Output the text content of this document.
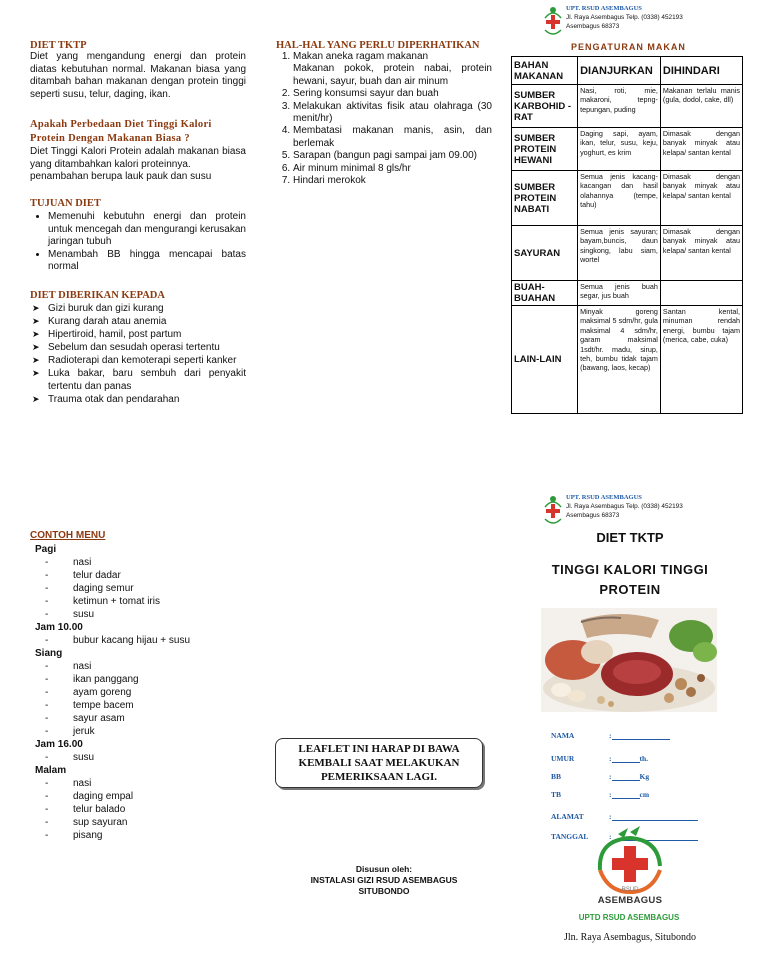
DIET TKTP
Diet yang mengandung energi dan protein diatas kebutuhan normal. Makanan biasa yang ditambah bahan makanan dengan protein tinggi seperti susu, telur, daging, ikan.
Apakah Perbedaan Diet Tinggi Kalori Protein Dengan Makanan Biasa ?
Diet Tinggi Kalori Protein adalah makanan biasa yang ditambahkan kalori proteinnya.
penambahan berupa lauk pauk dan susu
TUJUAN DIET
• Memenuhi kebutuhn energi dan protein untuk mencegah dan mengurangi kerusakan jaringan tubuh
• Menambah BB hingga mencapai batas normal
DIET DIBERIKAN KEPADA
➤ Gizi buruk dan gizi kurang
➤ Kurang darah atau anemia
➤ Hipertiroid, hamil, post partum
➤ Sebelum dan sesudah operasi tertentu
➤ Radioterapi dan kemoterapi seperti kanker
➤ Luka bakar, baru sembuh dari penyakit tertentu dan panas
➤ Trauma otak dan pendarahan
HAL-HAL YANG PERLU DIPERHATIKAN
1. Makan aneka ragam makanan
Makanan pokok, protein nabai, protein hewani, sayur, buah dan air minum
2. Sering konsumsi sayur dan buah
3. Melakukan aktivitas fisik atau olahraga (30 menit/hr)
4. Membatasi makanan manis, asin, dan berlemak
5. Sarapan (bangun pagi sampai jam 09.00)
6. Air minum minimal 8 gls/hr
7. Hindari merokok
UPT. RSUD ASEMBAGUS
Jl. Raya Asembagus Telp. (0338) 452193
Asembagus 68373
PENGATURAN MAKAN
BAHAN MAKANAN	DIANJURKAN	DIHINDARI
SUMBER KARBOHID -RAT	Nasi, roti, mie, makaroni, tepng-tepungan, puding	Makanan terlalu manis (gula, dodol, cake, dll)
SUMBER PROTEIN HEWANI	Daging sapi, ayam, ikan, telur, susu, keju, yoghurt, es krim	Dimasak dengan banyak minyak atau kelapa/ santan kental
SUMBER PROTEIN NABATI	Semua jenis kacang-kacangan dan hasil olahannya (tempe, tahu)	Dimasak dengan banyak minyak atau kelapa/ santan kental
SAYURAN	Semua jenis sayuran; bayam,buncis, daun singkong, labu siam, wortel	Dimasak dengan banyak minyak atau kelapa/ santan kental
BUAH-BUAHAN	Semua jenis buah segar, jus buah	
LAIN-LAIN	Minyak goreng maksimal 5 sdm/hr, gula maksimal 4 sdm/hr, garam maksimal 1sdt/hr. madu, sirup, teh, bumbu tidak tajam (bawang, laos, kecap)	Santan kental, minuman rendah energi, bumbu tajam (merica, cabe, cuka)
CONTOH MENU
Pagi
- nasi
- telur dadar
- daging semur
- ketimun + tomat iris
- susu
Jam 10.00
- bubur kacang hijau + susu
Siang
- nasi
- ikan panggang
- ayam goreng
- tempe bacem
- sayur asam
- jeruk
Jam 16.00
- susu
Malam
- nasi
- daging empal
- telur balado
- sup sayuran
- pisang
LEAFLET INI HARAP DI BAWA KEMBALI SAAT MELAKUKAN PEMERIKSAAN LAGI.
Disusun oleh:
INSTALASI GIZI RSUD ASEMBAGUS
SITUBONDO
UPT. RSUD ASEMBAGUS
Jl. Raya Asembagus Telp. (0338) 452193
Asembagus 68373
DIET TKTP
TINGGI KALORI TINGGI PROTEIN
NAMA	:
UMUR	:	th.
BB	:	Kg
TB	:	cm
ALAMAT	:
TANGGAL	:
RSUD
ASEMBAGUS
UPTD RSUD ASEMBAGUS
Jln. Raya Asembagus, Situbondo
